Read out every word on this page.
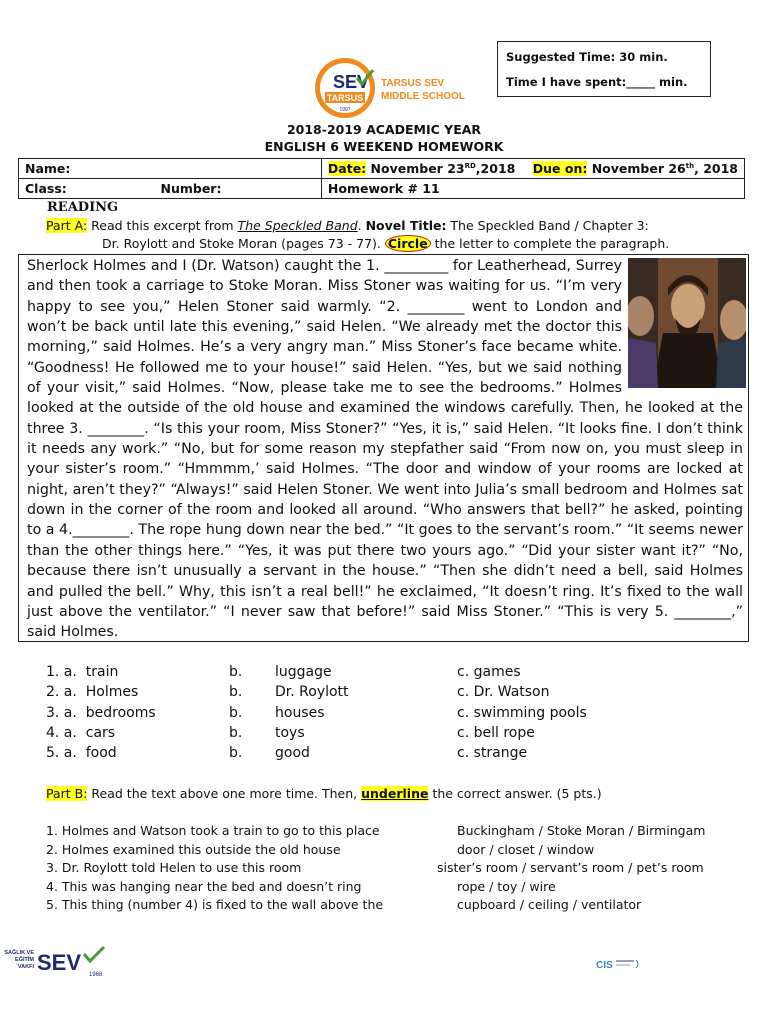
Suggested Time: 30 min.
Time I have spent:_____ min.
SEV
TARSUS
1997
TARSUS SEV
MIDDLE SCHOOL
2018-2019 ACADEMIC YEAR
ENGLISH 6 WEEKEND HOMEWORK
Name:	Date: November 23RD,2018 Due on: November 26th, 2018
Class: Number:	Homework # 11
READING
Part A: Read this excerpt from The Speckled Band. Novel Title: The Speckled Band / Chapter 3:
Dr. Roylott and Stoke Moran (pages 73 - 77). Circle the letter to complete the paragraph.

Sherlock Holmes and I (Dr. Watson) caught the 1. _________ for Leatherhead, Surrey and then took a carriage to Stoke Moran. Miss Stoner was waiting for us. “I’m very happy to see you,” Helen Stoner said warmly. “2. ________ went to London and won’t be back until late this evening,” said Helen. “We already met the doctor this morning,” said Holmes. He’s a very angry man.” Miss Stoner’s face became white. “Goodness! He followed me to your house!” said Helen. “Yes, but we said nothing of your visit,” said Holmes. “Now, please take me to see the bedrooms.” Holmes looked at the outside of the old house and examined the windows carefully. Then, he looked at the three 3. ________. “Is this your room, Miss Stoner?” “Yes, it is,” said Helen. “It looks fine. I don’t think it needs any work.” “No, but for some reason my stepfather said “From now on, you must sleep in your sister’s room.” “Hmmmm,’ said Holmes. “The door and window of your rooms are locked at night, aren’t they?” “Always!” said Helen Stoner. We went into Julia’s small bedroom and Holmes sat down in the corner of the room and looked all around. “Who answers that bell?” he asked, pointing to a 4.________. The rope hung down near the bed.” “It goes to the servant’s room.” “It seems newer than the other things here.” “Yes, it was put there two yours ago.” “Did your sister want it?” “No, because there isn’t unusually a servant in the house.” “Then she didn’t need a bell, said Holmes and pulled the bell.” Why, this isn’t a real bell!” he exclaimed, “It doesn’t ring. It’s fixed to the wall just above the ventilator.” “I never saw that before!” said Miss Stoner.” “This is very 5. ________,” said Holmes.

1. a. train	b. luggage	c. games
2. a. Holmes	b. Dr. Roylott	c. Dr. Watson
3. a. bedrooms	b. houses	c. swimming pools
4. a. cars	b. toys	c. bell rope
5. a. food	b. good	c. strange
Part B: Read the text above one more time. Then, underline the correct answer. (5 pts.)
1. Holmes and Watson took a train to go to this place	Buckingham / Stoke Moran / Birmingam
2. Holmes examined this outside the old house	door / closet / window
3. Dr. Roylott told Helen to use this room	sister’s room / servant’s room / pet’s room
4. This was hanging near the bed and doesn’t ring	rope / toy / wire
5. This thing (number 4) is fixed to the wall above the	cupboard / ceiling / ventilator
SAĞLIK VE
EĞİTİM
VAKFI SEV 1968
CIS
